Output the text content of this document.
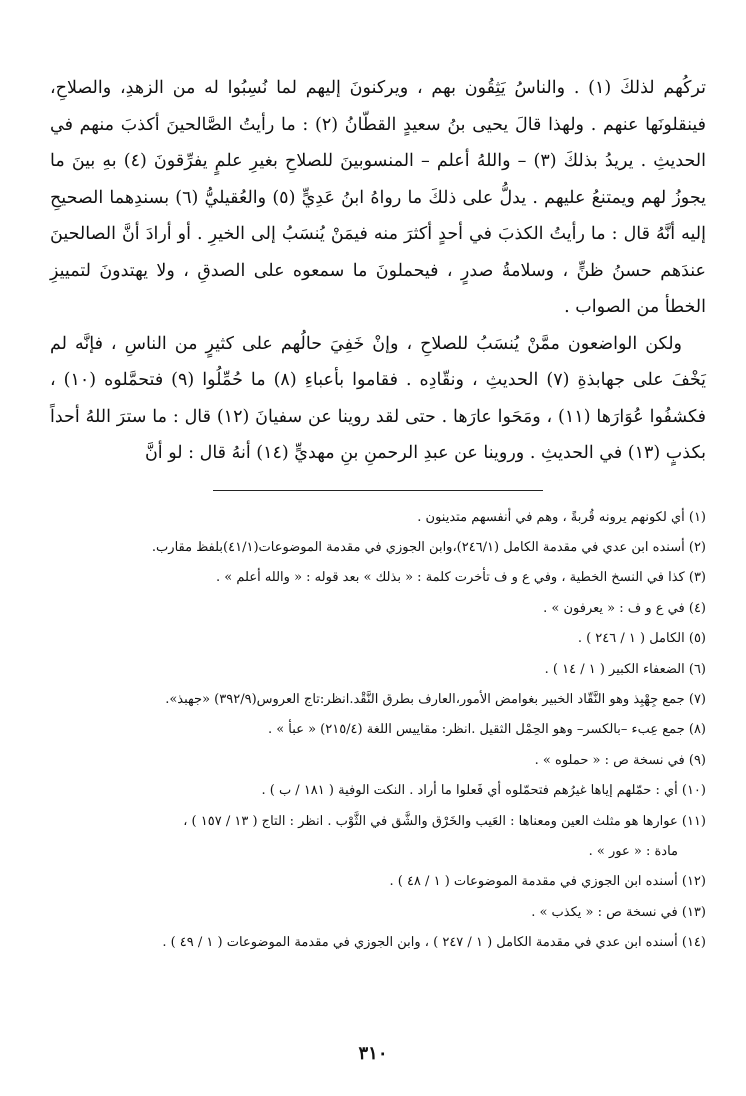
تركُهم لذلكَ (١) . والناسُ يَثِقُون بهم ، ويركنونَ إليهم لما نُسِبُوا له من الزهدِ، والصلاحِ، فينقلونَها عنهم . ولهذا قالَ يحيى بنُ سعيدٍ القطّانُ (٢) : ما رأيتُ الصَّالحينَ أكذبَ منهم في الحديثِ . يريدُ بذلكَ (٣) – واللهُ أعلم – المنسوبينَ للصلاحِ بغيرِ علمٍ يفرِّقونَ (٤) بهِ بينَ ما يجوزُ لهم ويمتنعُ عليهم . يدلُّ على ذلكَ ما رواهُ ابنُ عَدِيٍّ (٥) والعُقيليُّ (٦) بسندِهما الصحيحِ إليه أنَّهُ قال : ما رأيتُ الكذبَ في أحدٍ أكثرَ منه فيمَنْ يُنسَبُ إلى الخيرِ . أو أرادَ أنَّ الصالحينَ عندَهم حسنُ ظنٍّ ، وسلامةُ صدرٍ ، فيحملونَ ما سمعوه على الصدقِ ، ولا يهتدونَ لتمييزِ الخطأ من الصواب .

ولكن الواضعون ممَّنْ يُنسَبُ للصلاحِ ، وإنْ خَفِيَ حالُهم على كثيرٍ من الناسِ ، فإنَّه لم يَخْفَ على جهابذةِ (٧) الحديثِ ، ونقّادِه . فقاموا بأعباءِ (٨) ما حُمِّلُوا (٩) فتحمَّلوه (١٠) ، فكشفُوا عُوَارَها (١١) ، ومَحَوا عارَها . حتى لقد روينا عن سفيانَ (١٢) قال : ما سترَ اللهُ أحداً بكذبٍ (١٣) في الحديثِ . وروينا عن عبدِ الرحمنِ بنِ مهديٍّ (١٤) أنهُ قال : لو أنَّ

(١) أي لكونهم يرونه قُربةً ، وهم في أنفسهم متدينون .

(٢) أسنده ابن عدي في مقدمة الكامل (٢٤٦/١)،وابن الجوزي في مقدمة الموضوعات(٤١/١)بلفظ مقارب.

(٣) كذا في النسخ الخطية ، وفي ع و ف تأخرت كلمة : « بذلك » بعد قوله : « والله أعلم » .

(٤) في ع و ف : « يعرفون » .

(٥) الكامل ( ١ / ٢٤٦ ) .

(٦) الضعفاء الكبير ( ١ / ١٤ ) .

(٧) جمع جِهْبِذ وهو النَّقّاد الخبير بغوامض الأمور،العارف بطرق النَّقْد.انظر:تاج العروس(٣٩٢/٩) «جهبذ».

(٨) جمع عِبء –بالكسر– وهو الحِمْل الثقيل .انظر: مقاييس اللغة (٢١٥/٤) « عبأ » .

(٩) في نسخة ص : « حملوه » .

(١٠) أي : حمّلهم إياها غيرُهم فتحمّلوه أي فَعلوا ما أراد . النكت الوفية ( ١٨١ / ب ) .

(١١) عوارها هو مثلث العين ومعناها : العَيب والخَرْق والشَّق في الثَّوْب . انظر : التاج ( ١٣ / ١٥٧ ) ،

مادة : « عور » .

(١٢) أسنده ابن الجوزي في مقدمة الموضوعات ( ١ / ٤٨ ) .

(١٣) في نسخة ص : « يكذب » .

(١٤) أسنده ابن عدي في مقدمة الكامل ( ١ / ٢٤٧ ) ، وابن الجوزي في مقدمة الموضوعات ( ١ / ٤٩ ) .

٣١٠
